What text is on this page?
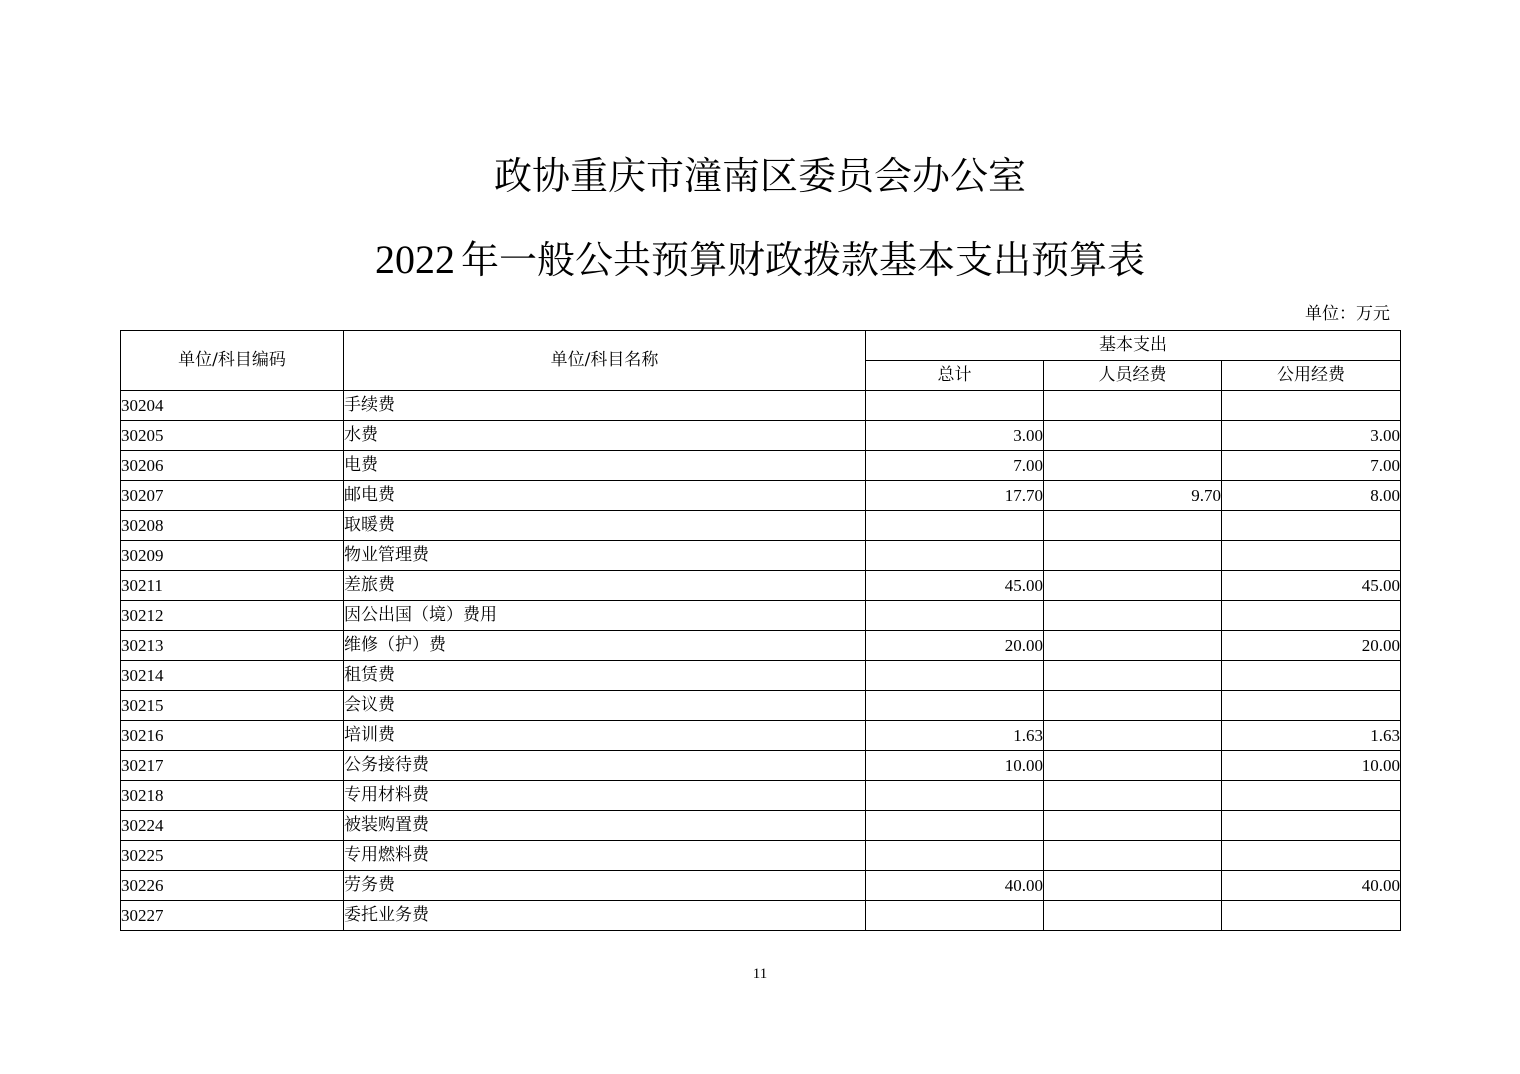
政协重庆市潼南区委员会办公室
2022 年一般公共预算财政拨款基本支出预算表
单位：万元
单位/科目编码	单位/科目名称	基本支出		
		总计	人员经费	公用经费
30204	手续费			
30205	水费	3.00		3.00
30206	电费	7.00		7.00
30207	邮电费	17.70	9.70	8.00
30208	取暖费			
30209	物业管理费			
30211	差旅费	45.00		45.00
30212	因公出国（境）费用			
30213	维修（护）费	20.00		20.00
30214	租赁费			
30215	会议费			
30216	培训费	1.63		1.63
30217	公务接待费	10.00		10.00
30218	专用材料费			
30224	被装购置费			
30225	专用燃料费			
30226	劳务费	40.00		40.00
30227	委托业务费			
11
